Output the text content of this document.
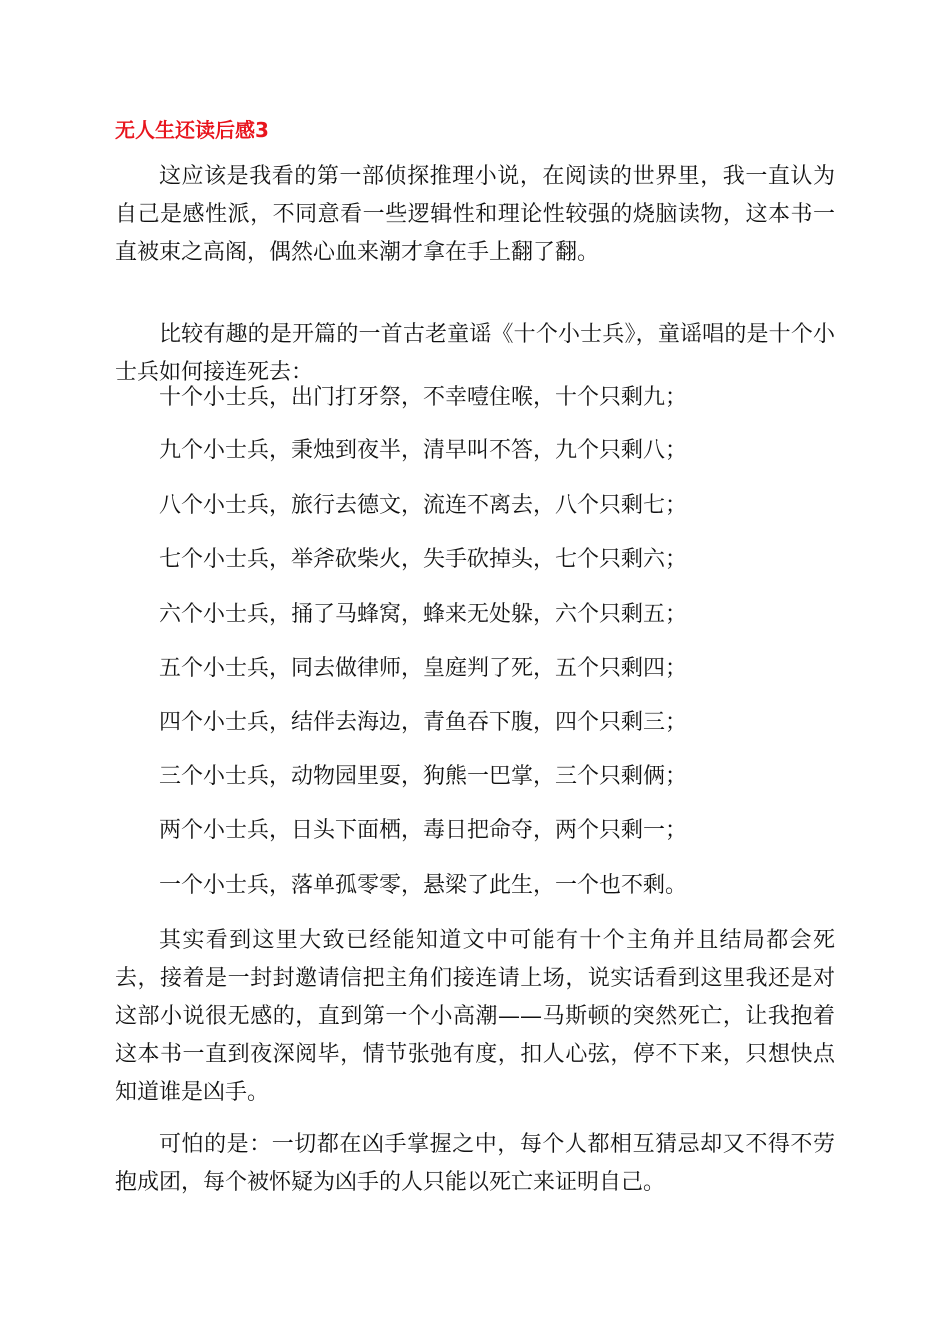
无人生还读后感3

这应该是我看的第一部侦探推理小说，在阅读的世界里，我一直认为自己是感性派，不同意看一些逻辑性和理论性较强的烧脑读物，这本书一直被束之高阁，偶然心血来潮才拿在手上翻了翻。

比较有趣的是开篇的一首古老童谣《十个小士兵》，童谣唱的是十个小士兵如何接连死去：

十个小士兵，出门打牙祭，不幸噎住喉，十个只剩九；

九个小士兵，秉烛到夜半，清早叫不答，九个只剩八；

八个小士兵，旅行去德文，流连不离去，八个只剩七；

七个小士兵，举斧砍柴火，失手砍掉头，七个只剩六；

六个小士兵，捅了马蜂窝，蜂来无处躲，六个只剩五；

五个小士兵，同去做律师，皇庭判了死，五个只剩四；

四个小士兵，结伴去海边，青鱼吞下腹，四个只剩三；

三个小士兵，动物园里耍，狗熊一巴掌，三个只剩俩；

两个小士兵，日头下面栖，毒日把命夺，两个只剩一；

一个小士兵，落单孤零零，悬梁了此生，一个也不剩。

其实看到这里大致已经能知道文中可能有十个主角并且结局都会死去，接着是一封封邀请信把主角们接连请上场，说实话看到这里我还是对这部小说很无感的，直到第一个小高潮——马斯顿的突然死亡，让我抱着这本书一直到夜深阅毕，情节张弛有度，扣人心弦，停不下来，只想快点知道谁是凶手。

可怕的是：一切都在凶手掌握之中，每个人都相互猜忌却又不得不劳抱成团，每个被怀疑为凶手的人只能以死亡来证明自己。
